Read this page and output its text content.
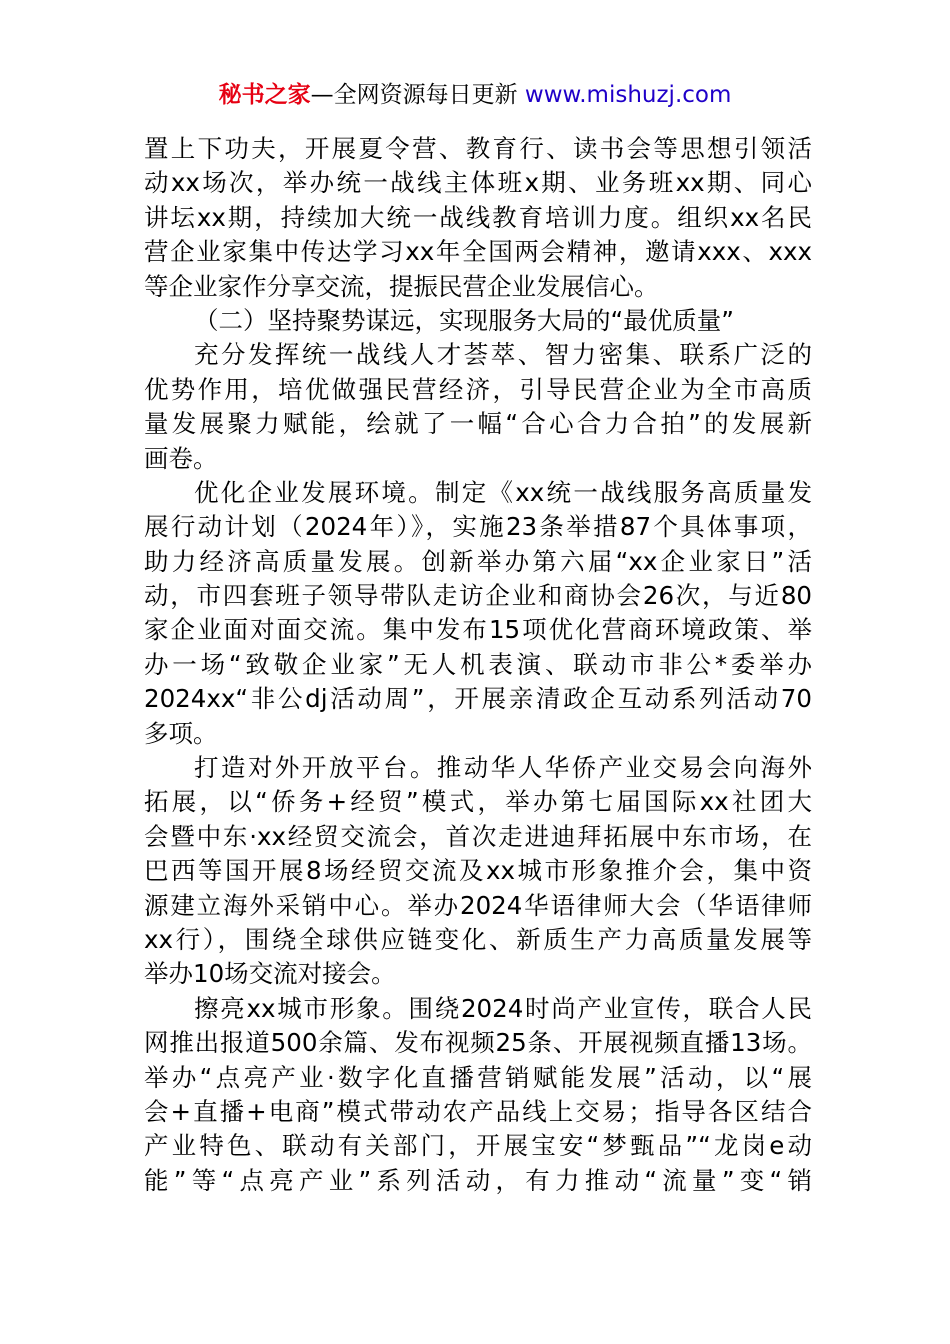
秘书之家—全网资源每日更新 www.mishuzj.com
置上下功夫，开展夏令营、教育行、读书会等思想引领活
动xx场次，举办统一战线主体班x期、业务班xx期、同心
讲坛xx期，持续加大统一战线教育培训力度。组织xx名民
营企业家集中传达学习xx年全国两会精神，邀请xxx、xxx
等企业家作分享交流，提振民营企业发展信心。
（二）坚持聚势谋远，实现服务大局的“最优质量”
充分发挥统一战线人才荟萃、智力密集、联系广泛的
优势作用，培优做强民营经济，引导民营企业为全市高质
量发展聚力赋能，绘就了一幅“合心合力合拍”的发展新
画卷。
优化企业发展环境。制定《xx统一战线服务高质量发
展行动计划（2024年）》，实施23条举措87个具体事项，
助力经济高质量发展。创新举办第六届“xx企业家日”活
动，市四套班子领导带队走访企业和商协会26次，与近80
家企业面对面交流。集中发布15项优化营商环境政策、举
办一场“致敬企业家”无人机表演、联动市非公*委举办
2024xx“非公dj活动周”，开展亲清政企互动系列活动70
多项。
打造对外开放平台。推动华人华侨产业交易会向海外
拓展，以“侨务+经贸”模式，举办第七届国际xx社团大
会暨中东·xx经贸交流会，首次走进迪拜拓展中东市场，在
巴西等国开展8场经贸交流及xx城市形象推介会，集中资
源建立海外采销中心。举办2024华语律师大会（华语律师
xx行），围绕全球供应链变化、新质生产力高质量发展等
举办10场交流对接会。
擦亮xx城市形象。围绕2024时尚产业宣传，联合人民
网推出报道500余篇、发布视频25条、开展视频直播13场。
举办“点亮产业·数字化直播营销赋能发展”活动，以“展
会+直播+电商”模式带动农产品线上交易；指导各区结合
产业特色、联动有关部门，开展宝安“梦甄品”“龙岗e动
能”等“点亮产业”系列活动，有力推动“流量”变“销
